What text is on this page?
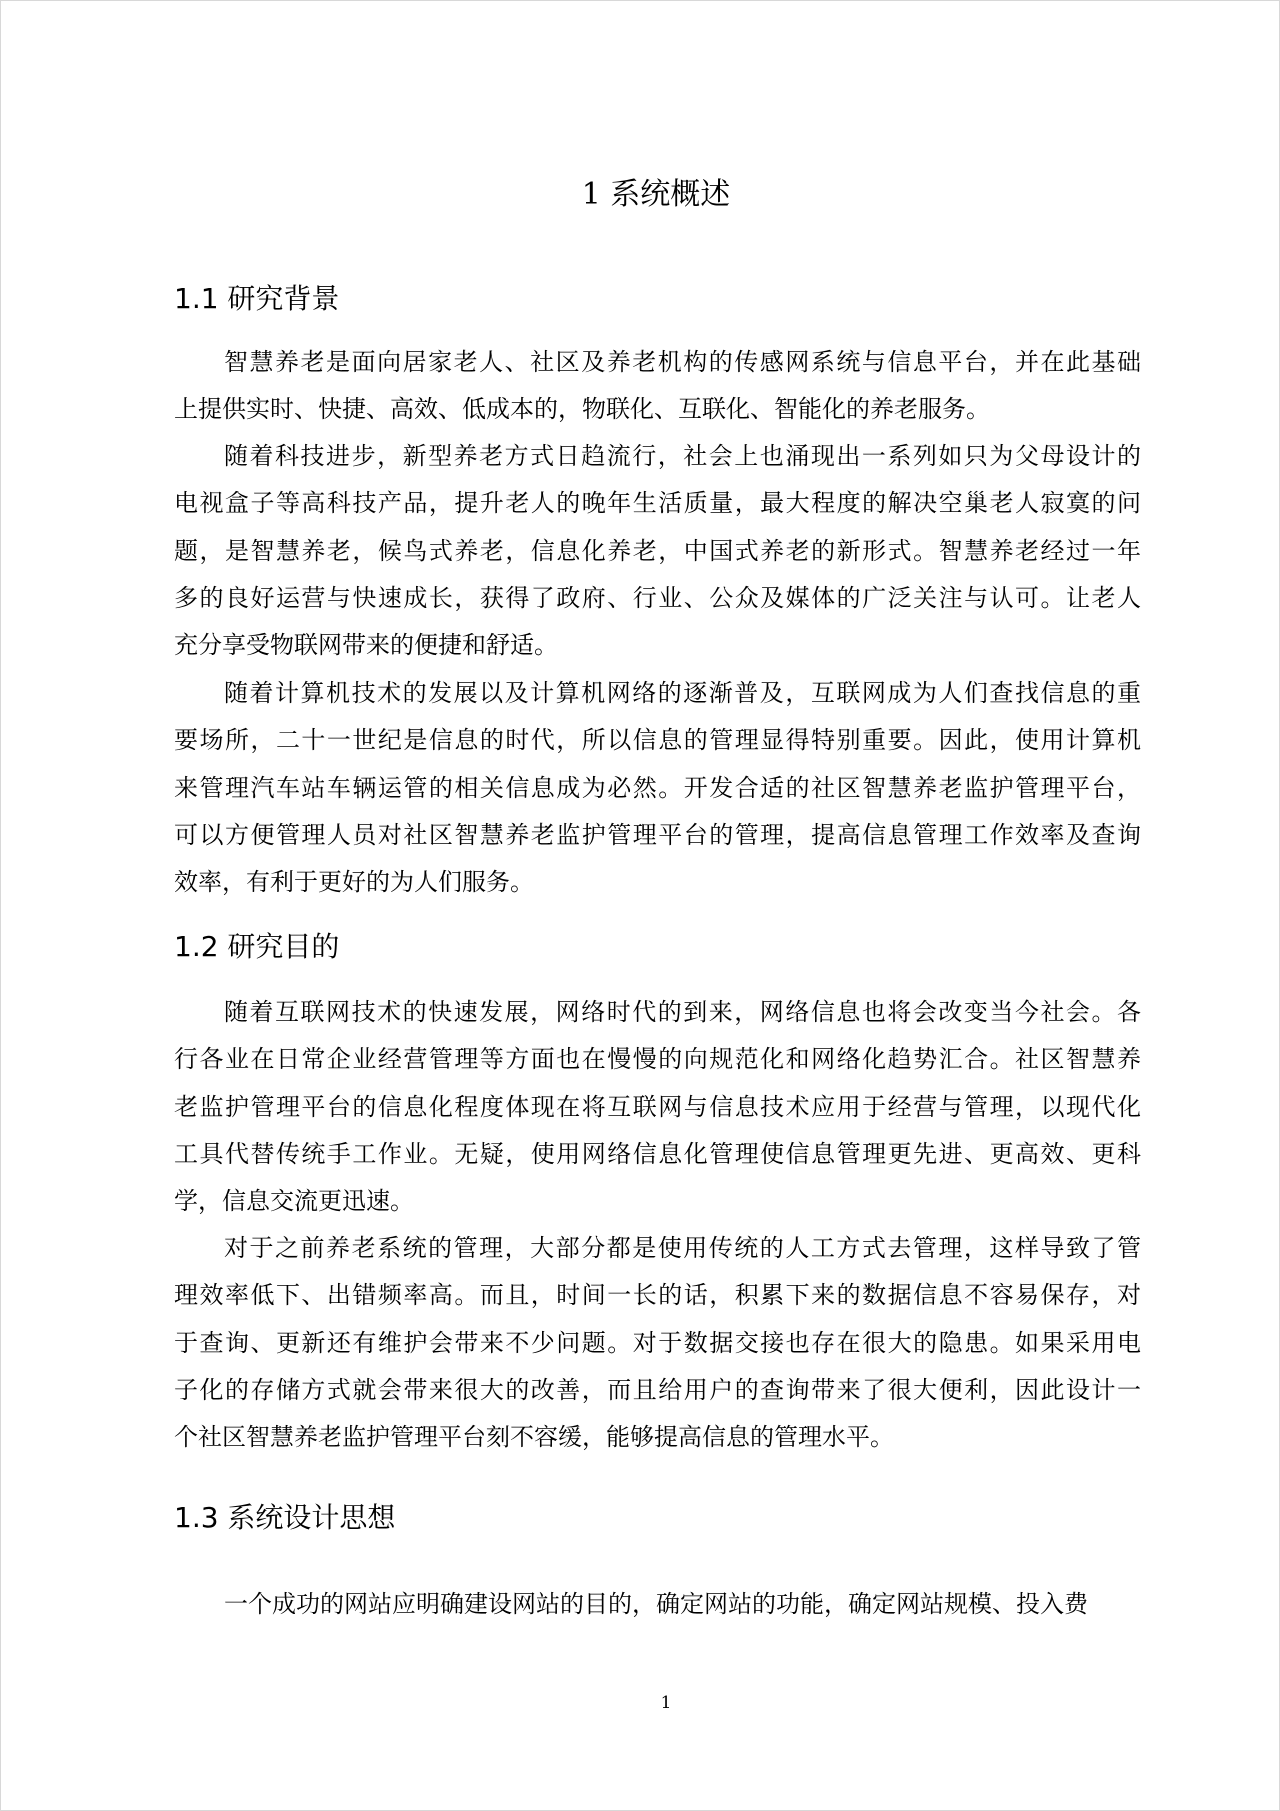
1 系统概述
1.1 研究背景
智慧养老是面向居家老人、社区及养老机构的传感网系统与信息平台，并在此基础
上提供实时、快捷、高效、低成本的，物联化、互联化、智能化的养老服务。
随着科技进步，新型养老方式日趋流行，社会上也涌现出一系列如只为父母设计的
电视盒子等高科技产品，提升老人的晚年生活质量，最大程度的解决空巢老人寂寞的问
题，是智慧养老，候鸟式养老，信息化养老，中国式养老的新形式。智慧养老经过一年
多的良好运营与快速成长，获得了政府、行业、公众及媒体的广泛关注与认可。让老人
充分享受物联网带来的便捷和舒适。
随着计算机技术的发展以及计算机网络的逐渐普及，互联网成为人们查找信息的重
要场所，二十一世纪是信息的时代，所以信息的管理显得特别重要。因此，使用计算机
来管理汽车站车辆运管的相关信息成为必然。开发合适的社区智慧养老监护管理平台，
可以方便管理人员对社区智慧养老监护管理平台的管理，提高信息管理工作效率及查询
效率，有利于更好的为人们服务。
1.2 研究目的
随着互联网技术的快速发展，网络时代的到来，网络信息也将会改变当今社会。各
行各业在日常企业经营管理等方面也在慢慢的向规范化和网络化趋势汇合。社区智慧养
老监护管理平台的信息化程度体现在将互联网与信息技术应用于经营与管理，以现代化
工具代替传统手工作业。无疑，使用网络信息化管理使信息管理更先进、更高效、更科
学，信息交流更迅速。
对于之前养老系统的管理，大部分都是使用传统的人工方式去管理，这样导致了管
理效率低下、出错频率高。而且，时间一长的话，积累下来的数据信息不容易保存，对
于查询、更新还有维护会带来不少问题。对于数据交接也存在很大的隐患。如果采用电
子化的存储方式就会带来很大的改善，而且给用户的查询带来了很大便利，因此设计一
个社区智慧养老监护管理平台刻不容缓，能够提高信息的管理水平。
1.3 系统设计思想
一个成功的网站应明确建设网站的目的，确定网站的功能，确定网站规模、投入费
1
